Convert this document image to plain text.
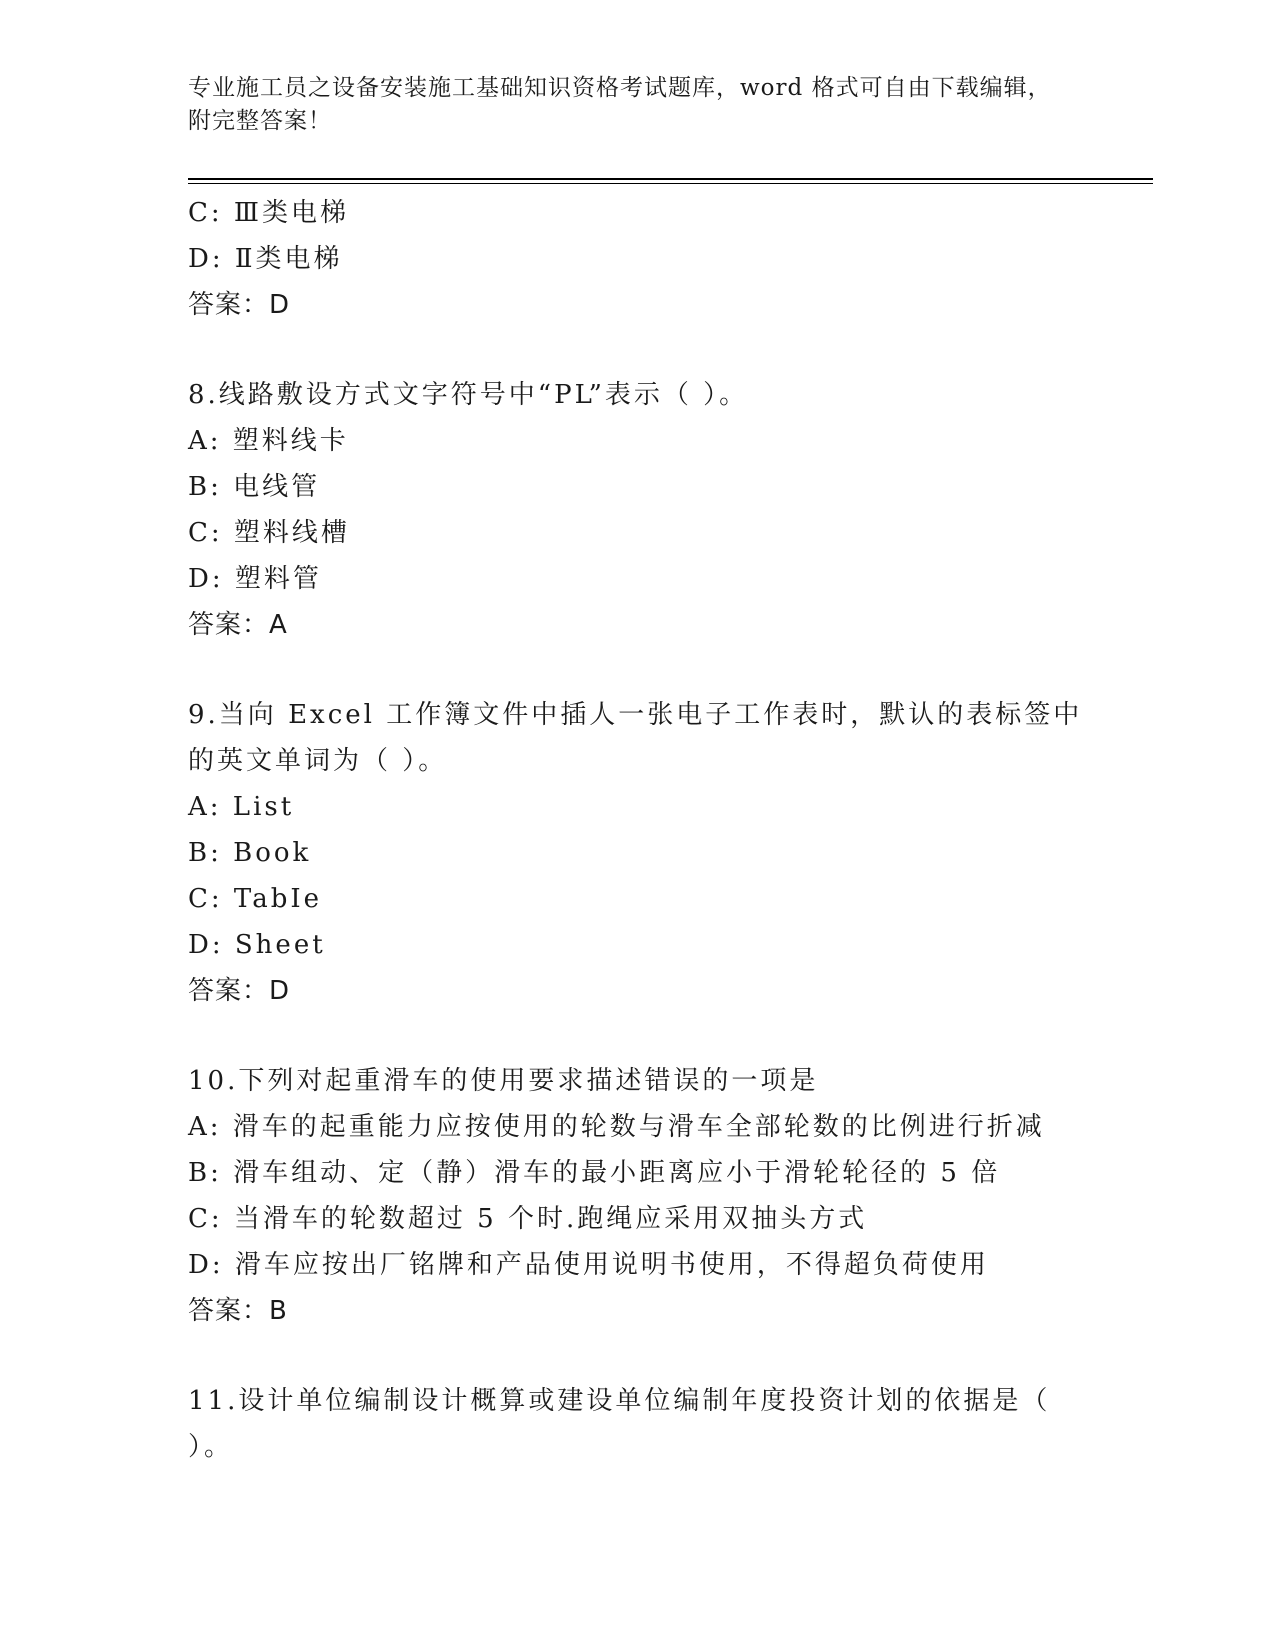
专业施工员之设备安装施工基础知识资格考试题库，word 格式可自由下载编辑，
附完整答案！
C: Ⅲ类电梯
D: Ⅱ类电梯
答案：D
8.线路敷设方式文字符号中“PL”表示（ ）。
A: 塑料线卡
B: 电线管
C: 塑料线槽
D: 塑料管
答案：A
9.当向 Excel 工作簿文件中插人一张电子工作表时，默认的表标签中
的英文单词为（ ）。
A: List
B: Book
C: TabIe
D: Sheet
答案：D
10.下列对起重滑车的使用要求描述错误的一项是
A: 滑车的起重能力应按使用的轮数与滑车全部轮数的比例进行折减
B: 滑车组动、定（静）滑车的最小距离应小于滑轮轮径的 5 倍
C: 当滑车的轮数超过 5 个时.跑绳应采用双抽头方式
D: 滑车应按出厂铭牌和产品使用说明书使用，不得超负荷使用
答案：B
11.设计单位编制设计概算或建设单位编制年度投资计划的依据是（
）。
